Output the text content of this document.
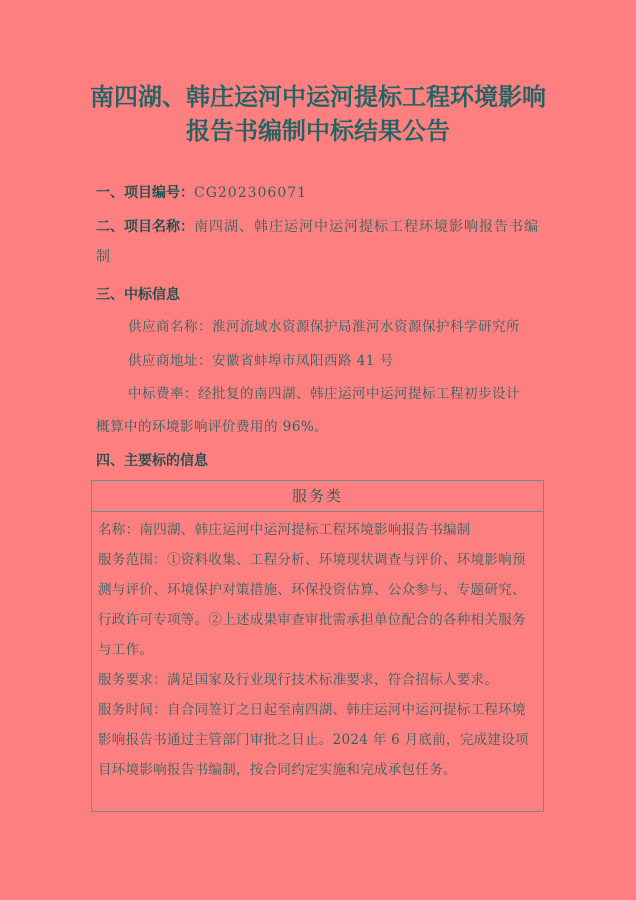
南四湖、韩庄运河中运河提标工程环境影响
报告书编制中标结果公告
一、项目编号：CG202306071
二、项目名称：南四湖、韩庄运河中运河提标工程环境影响报告书编制
三、中标信息
供应商名称：淮河流域水资源保护局淮河水资源保护科学研究所
供应商地址：安徽省蚌埠市凤阳西路 41 号
中标费率：经批复的南四湖、韩庄运河中运河提标工程初步设计
概算中的环境影响评价费用的 96%。
四、主要标的信息
服务类

名称：南四湖、韩庄运河中运河提标工程环境影响报告书编制

服务范围：①资料收集、工程分析、环境现状调查与评价、环境影响预测与评价、环境保护对策措施、环保投资估算、公众参与、专题研究、行政许可专项等。②上述成果审查审批需承担单位配合的各种相关服务与工作。

服务要求：满足国家及行业现行技术标准要求，符合招标人要求。

服务时间：自合同签订之日起至南四湖、韩庄运河中运河提标工程环境影响报告书通过主管部门审批之日止。2024 年 6 月底前，完成建设项目环境影响报告书编制，按合同约定实施和完成承包任务。
